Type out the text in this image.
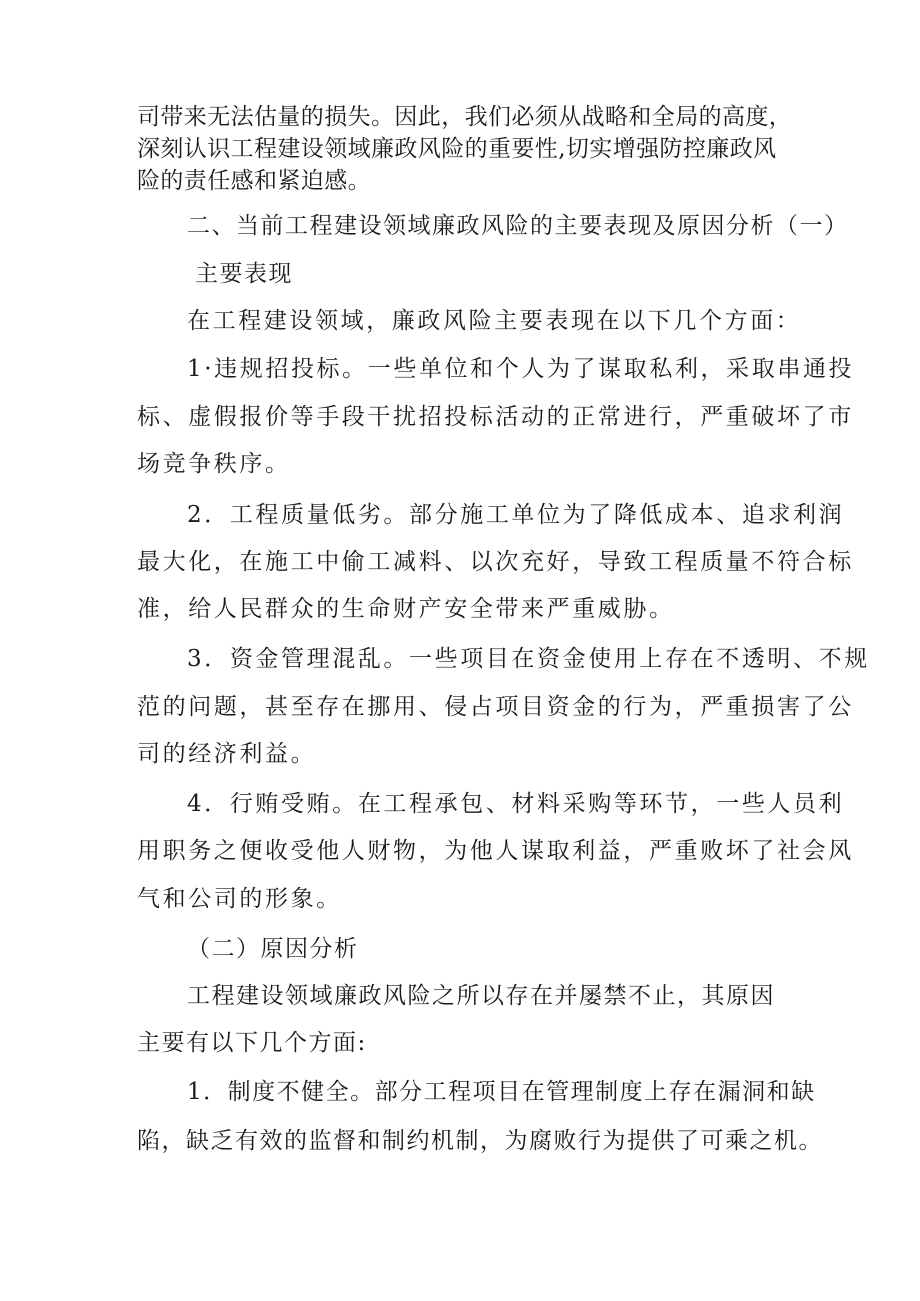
司带来无法估量的损失。因此，我们必须从战略和全局的高度，
深刻认识工程建设领域廉政风险的重要性,切实增强防控廉政风
险的责任感和紧迫感。
二、当前工程建设领域廉政风险的主要表现及原因分析（一）
主要表现
在工程建设领域，廉政风险主要表现在以下几个方面：
1·违规招投标。一些单位和个人为了谋取私利，采取串通投
标、虚假报价等手段干扰招投标活动的正常进行，严重破坏了市
场竞争秩序。
2．工程质量低劣。部分施工单位为了降低成本、追求利润
最大化，在施工中偷工减料、以次充好，导致工程质量不符合标
准，给人民群众的生命财产安全带来严重威胁。
3．资金管理混乱。一些项目在资金使用上存在不透明、不规
范的问题，甚至存在挪用、侵占项目资金的行为，严重损害了公
司的经济利益。
4．行贿受贿。在工程承包、材料采购等环节，一些人员利
用职务之便收受他人财物，为他人谋取利益，严重败坏了社会风
气和公司的形象。
（二）原因分析
工程建设领域廉政风险之所以存在并屡禁不止，其原因
主要有以下几个方面:
1．制度不健全。部分工程项目在管理制度上存在漏洞和缺
陷，缺乏有效的监督和制约机制，为腐败行为提供了可乘之机。
